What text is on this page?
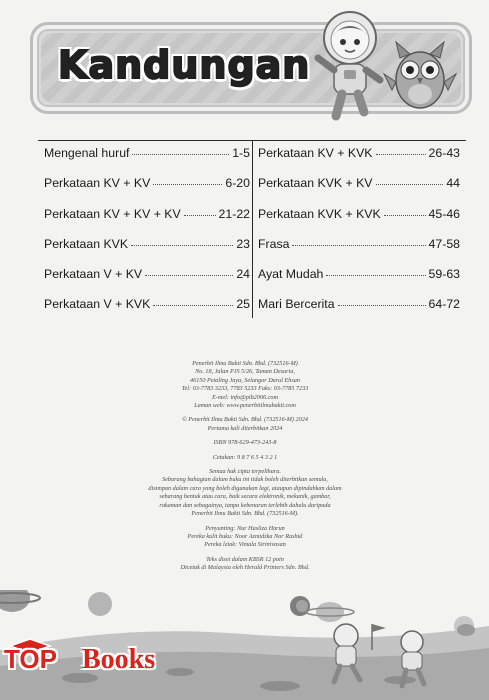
Kandungan
Mengenal huruf	1-5
Perkataan KV + KV	6-20
Perkataan KV + KV + KV	21-22
Perkataan KVK	23
Perkataan V + KV	24
Perkataan V + KVK	25
Perkataan KV + KVK	26-43
Perkataan KVK + KV	44
Perkataan KVK + KVK	45-46
Frasa	47-58
Ayat Mudah	59-63
Mari Bercerita	64-72

Penerbit Ilmu Bakti Sdn. Bhd. (732516-M)

No. 18, Jalan PJS 5/26, Taman Desaria,

46150 Petaling Jaya, Selangor Darul Ehsan

Tel: 03-7783 3233, 7783 5233 Faks: 03-7785 7233

E-mel: info@pib2006.com

Laman web: www.penerbitilmubakti.com

© Penerbit Ilmu Bakti Sdn. Bhd. (732516-M) 2024

Pertama kali diterbitkan 2024

ISBN 978-629-473-243-8

Cetakan: 9 8 7 6 5 4 3 2 1

Semua hak cipta terpelihara.

Sebarang bahagian dalam buku ini tidak boleh diterbitkan semula,

disimpan dalam cara yang boleh digunakan lagi, ataupun dipindahkan dalam

sebarang bentuk atau cara, baik secara elektronik, mekanik, gambar,

rakaman dan sebagainya, tanpa kebenaran terlebih dahulu daripada

Penerbit Ilmu Bakti Sdn. Bhd. (732516-M).

Penyunting: Nur Hasliza Harun

Pereka kulit buku: Noor Azmidzka Nor Rashid

Pereka letak: Vimala Sirinivasan

Teks diset dalam KBSR 12 poin

Dicetak di Malaysia oleh Herald Printers Sdn. Bhd.

TOP Books
